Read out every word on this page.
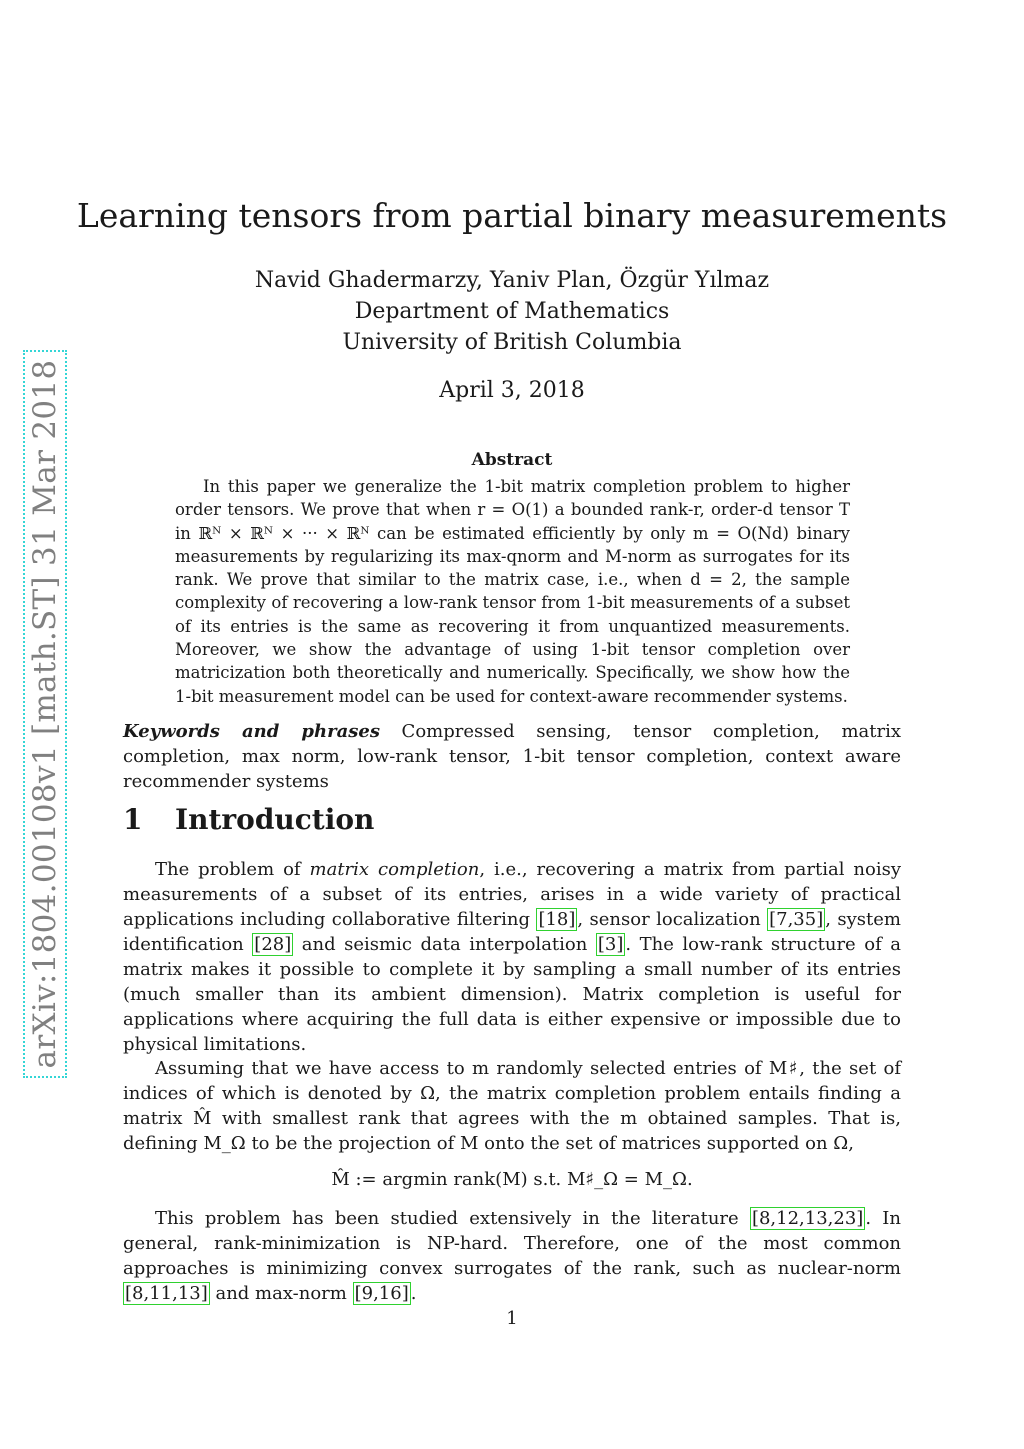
arXiv:1804.00108v1 [math.ST] 31 Mar 2018
Learning tensors from partial binary measurements
Navid Ghadermarzy, Yaniv Plan, Özgür Yılmaz
Department of Mathematics
University of British Columbia
April 3, 2018
Abstract

In this paper we generalize the 1-bit matrix completion problem to higher order tensors. We prove that when r = O(1) a bounded rank-r, order-d tensor T in ℝᴺ × ℝᴺ × ··· × ℝᴺ can be estimated efficiently by only m = O(Nd) binary measurements by regularizing its max-qnorm and M-norm as surrogates for its rank. We prove that similar to the matrix case, i.e., when d = 2, the sample complexity of recovering a low-rank tensor from 1-bit measurements of a subset of its entries is the same as recovering it from unquantized measurements. Moreover, we show the advantage of using 1-bit tensor completion over matricization both theoretically and numerically. Specifically, we show how the 1-bit measurement model can be used for context-aware recommender systems.

Keywords and phrases Compressed sensing, tensor completion, matrix completion, max norm, low-rank tensor, 1-bit tensor completion, context aware recommender systems

1 Introduction

The problem of matrix completion, i.e., recovering a matrix from partial noisy measurements of a subset of its entries, arises in a wide variety of practical applications including collaborative filtering [18] , sensor localization [7,35] , system identification [28] and seismic data interpolation [3] . The low-rank structure of a matrix makes it possible to complete it by sampling a small number of its entries (much smaller than its ambient dimension). Matrix completion is useful for applications where acquiring the full data is either expensive or impossible due to physical limitations.

Assuming that we have access to m randomly selected entries of M♯, the set of indices of which is denoted by Ω, the matrix completion problem entails finding a matrix M̂ with smallest rank that agrees with the m obtained samples. That is, defining M_Ω to be the projection of M onto the set of matrices supported on Ω,

M̂ := argmin rank(M) s.t. M♯_Ω = M_Ω.

This problem has been studied extensively in the literature [8,12,13,23] . In general, rank-minimization is NP-hard. Therefore, one of the most common approaches is minimizing convex surrogates of the rank, such as nuclear-norm [8,11,13] and max-norm [9,16] .

1
